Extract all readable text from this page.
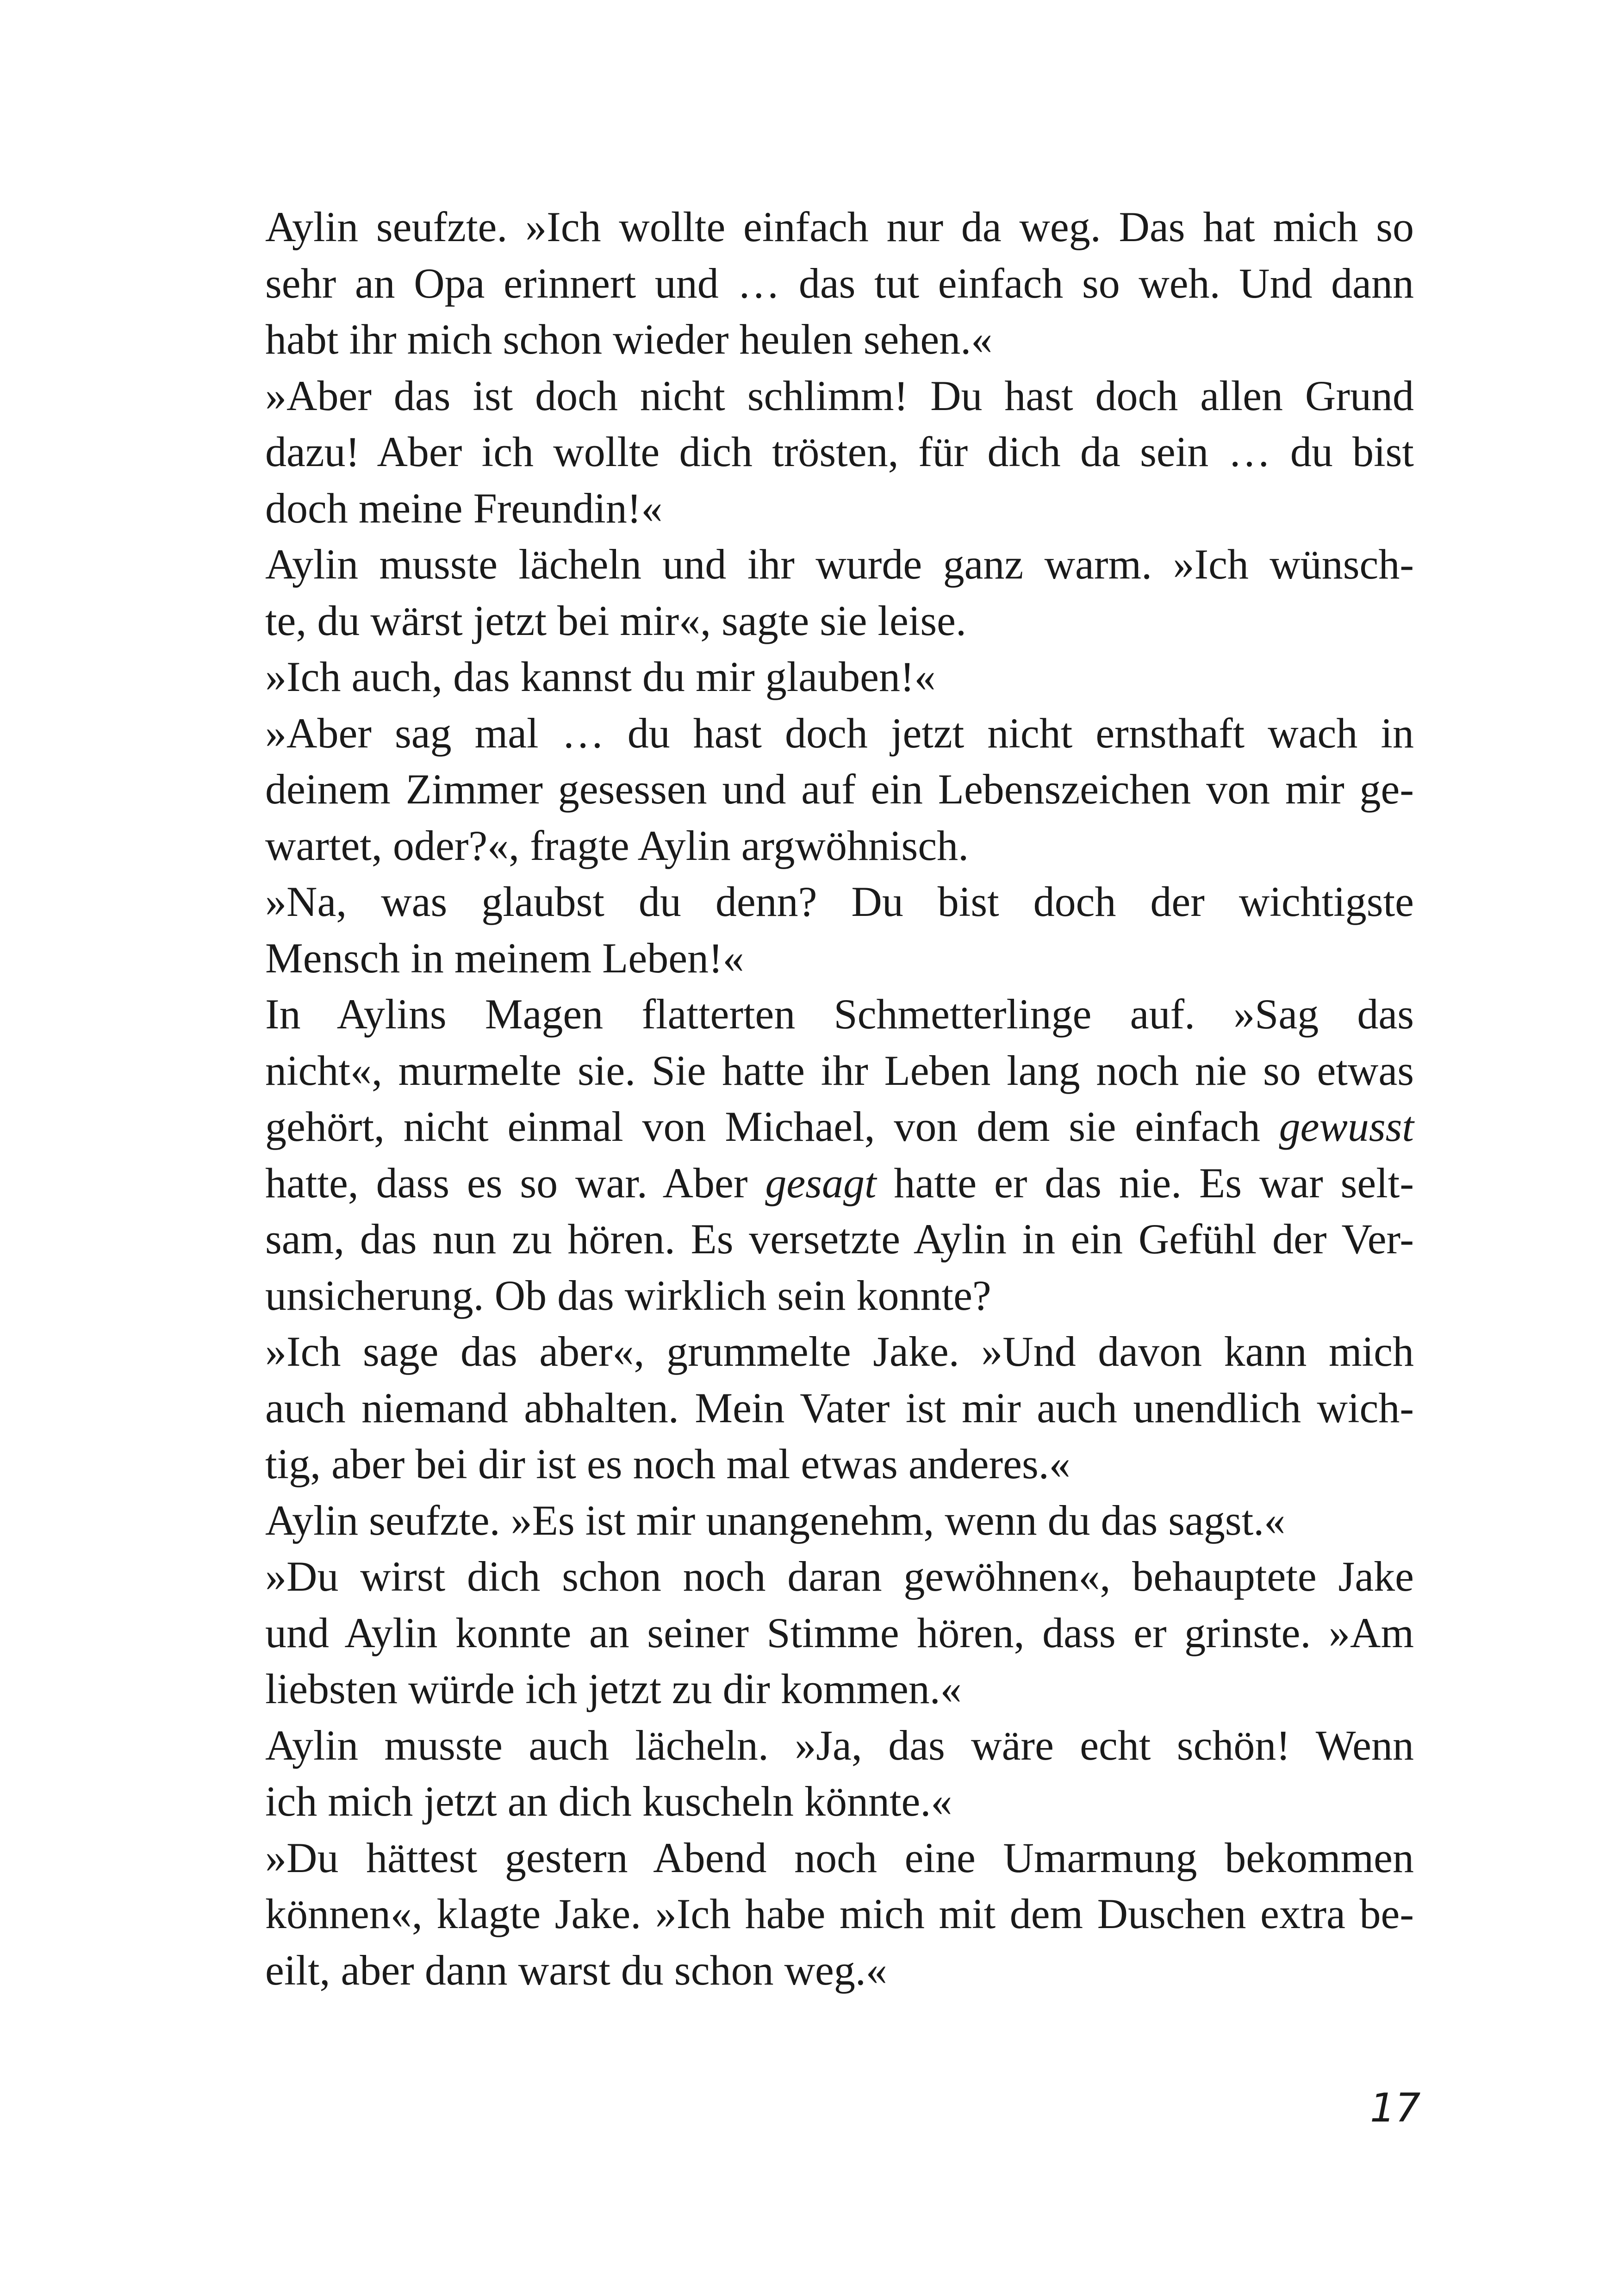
Aylin seufzte. »Ich wollte einfach nur da weg. Das hat mich so
sehr an Opa erinnert und … das tut einfach so weh. Und dann
habt ihr mich schon wieder heulen sehen.«

»Aber das ist doch nicht schlimm! Du hast doch allen Grund
dazu! Aber ich wollte dich trösten, für dich da sein … du bist
doch meine Freundin!«

Aylin musste lächeln und ihr wurde ganz warm. »Ich wünsch-
te, du wärst jetzt bei mir«, sagte sie leise.

»Ich auch, das kannst du mir glauben!«

»Aber sag mal … du hast doch jetzt nicht ernsthaft wach in
deinem Zimmer gesessen und auf ein Lebenszeichen von mir ge-
wartet, oder?«, fragte Aylin argwöhnisch.

»Na, was glaubst du denn? Du bist doch der wichtigste
Mensch in meinem Leben!«

In Aylins Magen flatterten Schmetterlinge auf. »Sag das
nicht«, murmelte sie. Sie hatte ihr Leben lang noch nie so etwas
gehört, nicht einmal von Michael, von dem sie einfach gewusst
hatte, dass es so war. Aber gesagt hatte er das nie. Es war selt-
sam, das nun zu hören. Es versetzte Aylin in ein Gefühl der Ver-
unsicherung. Ob das wirklich sein konnte?

»Ich sage das aber«, grummelte Jake. »Und davon kann mich
auch niemand abhalten. Mein Vater ist mir auch unendlich wich-
tig, aber bei dir ist es noch mal etwas anderes.«

Aylin seufzte. »Es ist mir unangenehm, wenn du das sagst.«

»Du wirst dich schon noch daran gewöhnen«, behauptete Jake
und Aylin konnte an seiner Stimme hören, dass er grinste. »Am
liebsten würde ich jetzt zu dir kommen.«

Aylin musste auch lächeln. »Ja, das wäre echt schön! Wenn
ich mich jetzt an dich kuscheln könnte.«

»Du hättest gestern Abend noch eine Umarmung bekommen
können«, klagte Jake. »Ich habe mich mit dem Duschen extra be-
eilt, aber dann warst du schon weg.«

17
